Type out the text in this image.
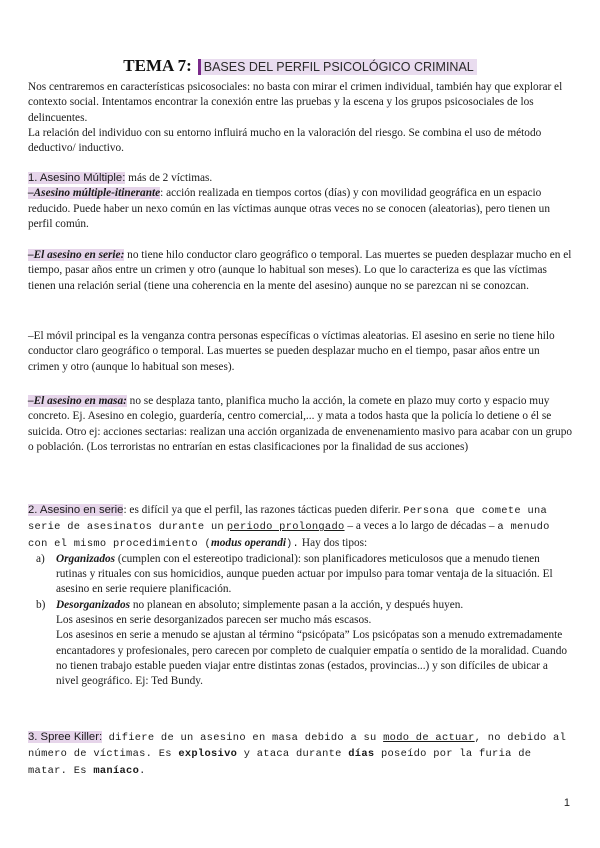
TEMA 7: BASES DEL PERFIL PSICOLÓGICO CRIMINAL

Nos centraremos en características psicosociales: no basta con mirar el crimen individual, también hay que explorar el contexto social. Intentamos encontrar la conexión entre las pruebas y la escena y los grupos psicosociales de los delincuentes.

La relación del individuo con su entorno influirá mucho en la valoración del riesgo. Se combina el uso de método deductivo/ inductivo.

1. Asesino Múltiple: más de 2 víctimas.

–Asesino múltiple-itinerante: acción realizada en tiempos cortos (días) y con movilidad geográfica en un espacio reducido. Puede haber un nexo común en las víctimas aunque otras veces no se conocen (aleatorias), pero tienen un perfil común.

–El asesino en serie: no tiene hilo conductor claro geográfico o temporal. Las muertes se pueden desplazar mucho en el tiempo, pasar años entre un crimen y otro (aunque lo habitual son meses). Lo que lo caracteriza es que las víctimas tienen una relación serial (tiene una coherencia en la mente del asesino) aunque no se parezcan ni se conozcan.

–El móvil principal es la venganza contra personas específicas o víctimas aleatorias. El asesino en serie no tiene hilo conductor claro geográfico o temporal. Las muertes se pueden desplazar mucho en el tiempo, pasar años entre un crimen y otro (aunque lo habitual son meses).

–El asesino en masa: no se desplaza tanto, planifica mucho la acción, la comete en plazo muy corto y espacio muy concreto. Ej. Asesino en colegio, guardería, centro comercial,... y mata a todos hasta que la policía lo detiene o él se suicida. Otro ej: acciones sectarias: realizan una acción organizada de envenenamiento masivo para acabar con un grupo o población. (Los terroristas no entrarían en estas clasificaciones por la finalidad de sus acciones)

2. Asesino en serie: es difícil ya que el perfil, las razones tácticas pueden diferir. Persona que comete una serie de asesinatos durante un periodo prolongado – a veces a lo largo de décadas – a menudo con el mismo procedimiento (modus operandi). Hay dos tipos:

a) Organizados (cumplen con el estereotipo tradicional): son planificadores meticulosos que a menudo tienen rutinas y rituales con sus homicidios, aunque pueden actuar por impulso para tomar ventaja de la situación. El asesino en serie requiere planificación.
b) Desorganizados no planean en absoluto; simplemente pasan a la acción, y después huyen.
Los asesinos en serie desorganizados parecen ser mucho más escasos.
Los asesinos en serie a menudo se ajustan al término “psicópata” Los psicópatas son a menudo extremadamente encantadores y profesionales, pero carecen por completo de cualquier empatía o sentido de la moralidad. Cuando no tienen trabajo estable pueden viajar entre distintas zonas (estados, provincias...) y son difíciles de ubicar a nivel geográfico. Ej: Ted Bundy.

3. Spree Killer: difiere de un asesino en masa debido a su modo de actuar, no debido al número de víctimas. Es explosivo y ataca durante días poseído por la furia de matar. Es maníaco.

1
